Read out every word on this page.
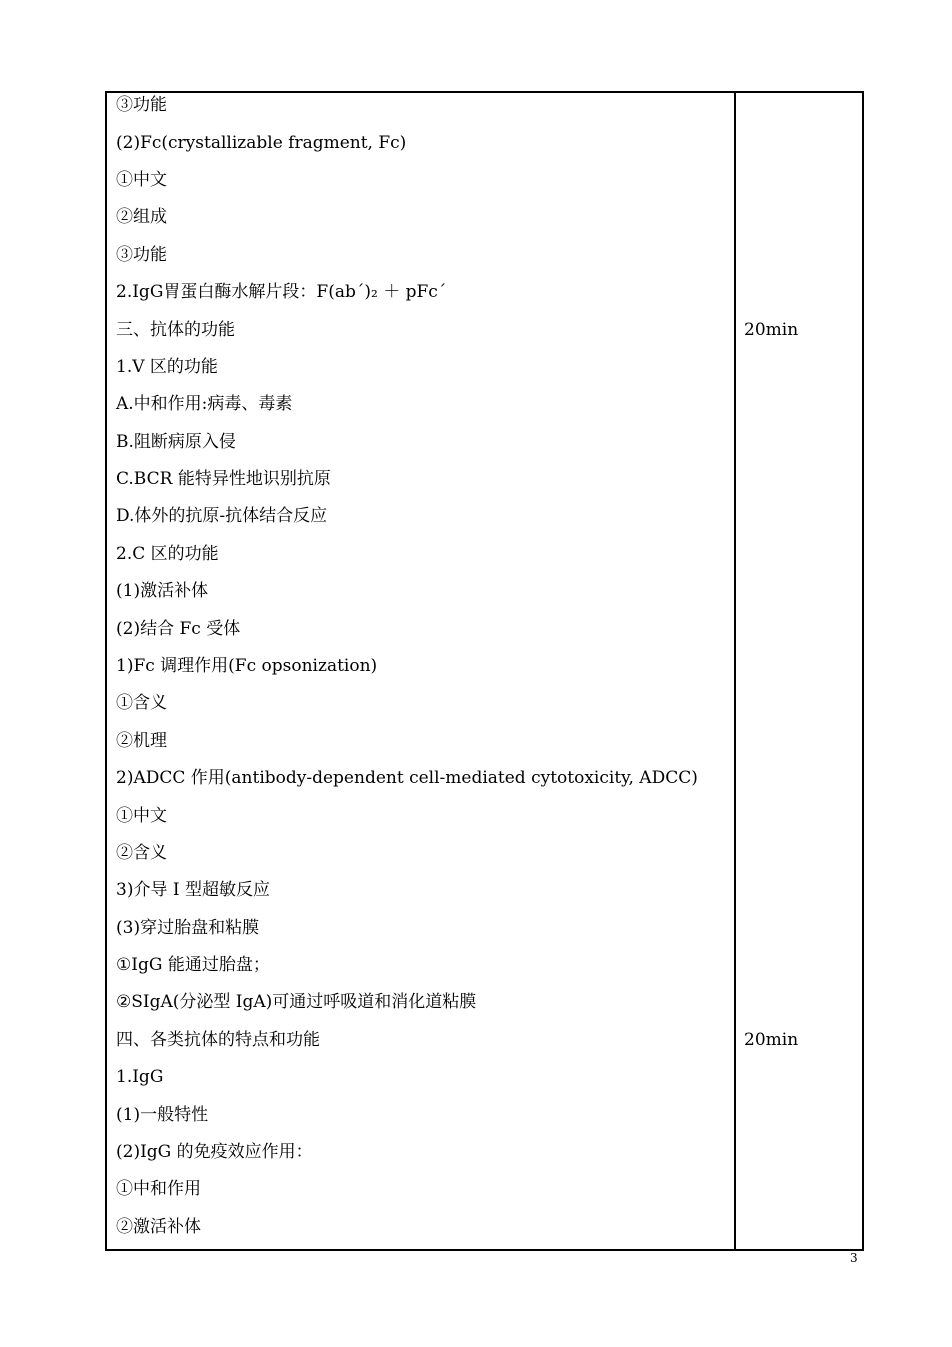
③功能
(2)Fc(crystallizable fragment, Fc)
①中文
②组成
③功能
2.IgG胃蛋白酶水解片段：F(ab´)₂ ＋ pFc´
三、抗体的功能
1.V 区的功能
A.中和作用:病毒、毒素
B.阻断病原入侵
C.BCR 能特异性地识别抗原
D.体外的抗原-抗体结合反应
2.C 区的功能
(1)激活补体
(2)结合 Fc 受体
1)Fc 调理作用(Fc opsonization)
①含义
②机理
2)ADCC 作用(antibody-dependent cell-mediated cytotoxicity, ADCC)
①中文
②含义
3)介导 I 型超敏反应
(3)穿过胎盘和粘膜
①IgG 能通过胎盘；
②SIgA(分泌型 IgA)可通过呼吸道和消化道粘膜
四、各类抗体的特点和功能
1.IgG
(1)一般特性
(2)IgG 的免疫效应作用：
①中和作用
②激活补体
20min
20min
3
